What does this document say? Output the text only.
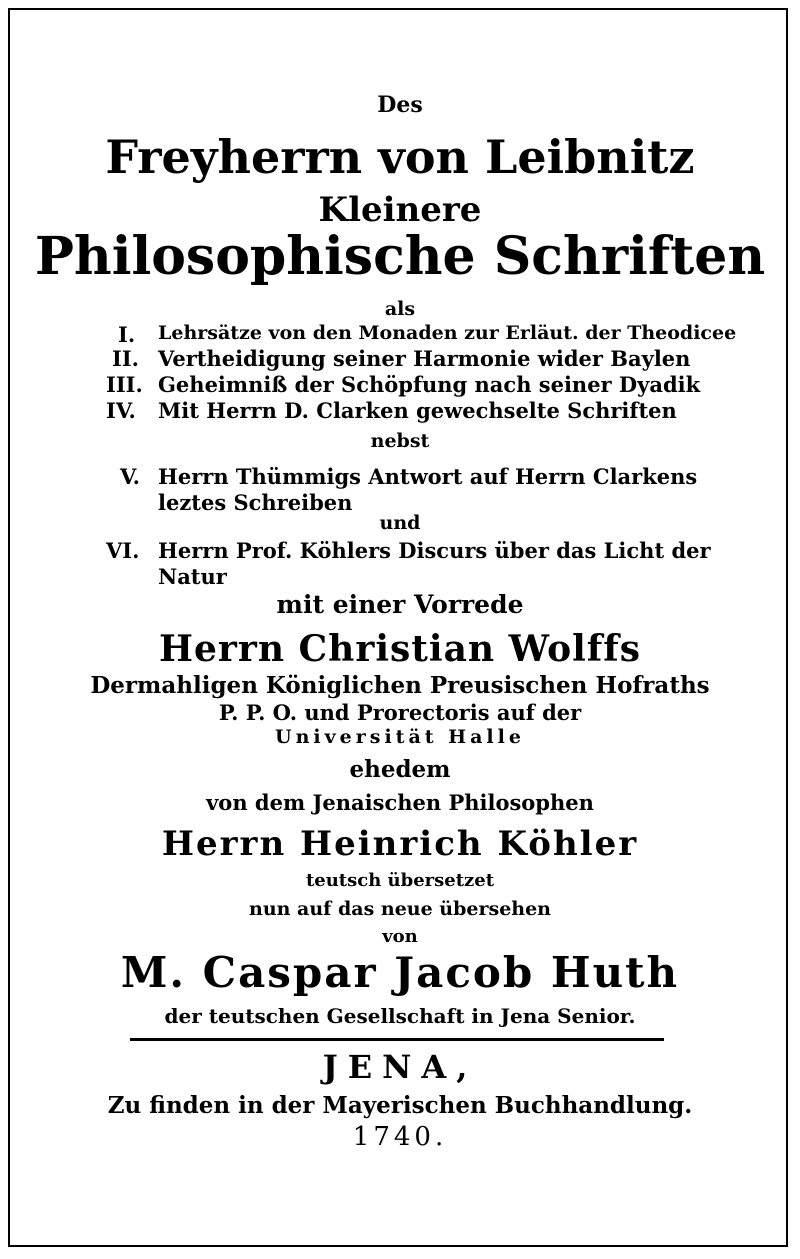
Des
Freyherrn von Leibnitz
Kleinere
Philosophische Schriften
als
I. Lehrsätze von den Monaden zur Erläut. der Theodicee
II. Vertheidigung seiner Harmonie wider Baylen
III. Geheimniß der Schöpfung nach seiner Dyadik
IV. Mit Herrn D. Clarken gewechselte Schriften
nebst
V. Herrn Thümmigs Antwort auf Herrn Clarkens
leztes Schreiben
und
VI. Herrn Prof. Köhlers Discurs über das Licht der
Natur
mit einer Vorrede
Herrn Christian Wolffs
Dermahligen Königlichen Preusischen Hofraths
P. P. O. und Prorectoris auf der
Universität Halle
ehedem
von dem Jenaischen Philosophen
Herrn Heinrich Köhler
teutsch übersetzet
nun auf das neue übersehen
von
M. Caspar Jacob Huth
der teutschen Gesellschaft in Jena Senior.
JENA,
Zu finden in der Mayerischen Buchhandlung.
1740.
